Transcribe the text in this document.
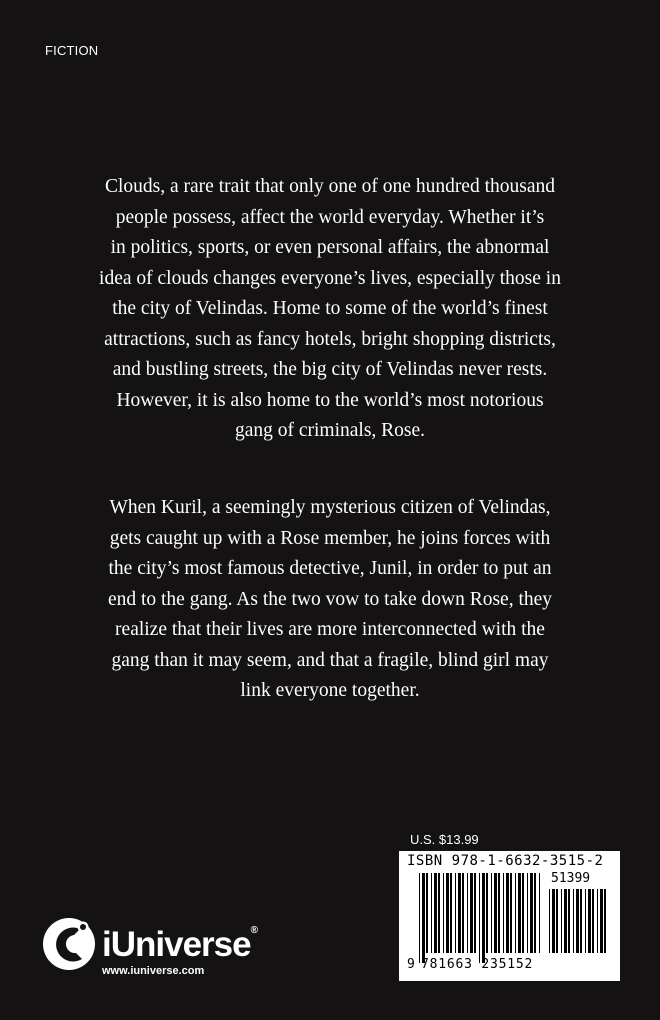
FICTION
Clouds, a rare trait that only one of one hundred thousand
people possess, affect the world everyday. Whether it’s
in politics, sports, or even personal affairs, the abnormal
idea of clouds changes everyone’s lives, especially those in
the city of Velindas. Home to some of the world’s finest
attractions, such as fancy hotels, bright shopping districts,
and bustling streets, the big city of Velindas never rests.
However, it is also home to the world’s most notorious
gang of criminals, Rose.
When Kuril, a seemingly mysterious citizen of Velindas,
gets caught up with a Rose member, he joins forces with
the city’s most famous detective, Junil, in order to put an
end to the gang. As the two vow to take down Rose, they
realize that their lives are more interconnected with the
gang than it may seem, and that a fragile, blind girl may
link everyone together.
U.S. $13.99
ISBN 978-1-6632-3515-2
51399
9 781663 235152
iUniverse®
www.iuniverse.com
